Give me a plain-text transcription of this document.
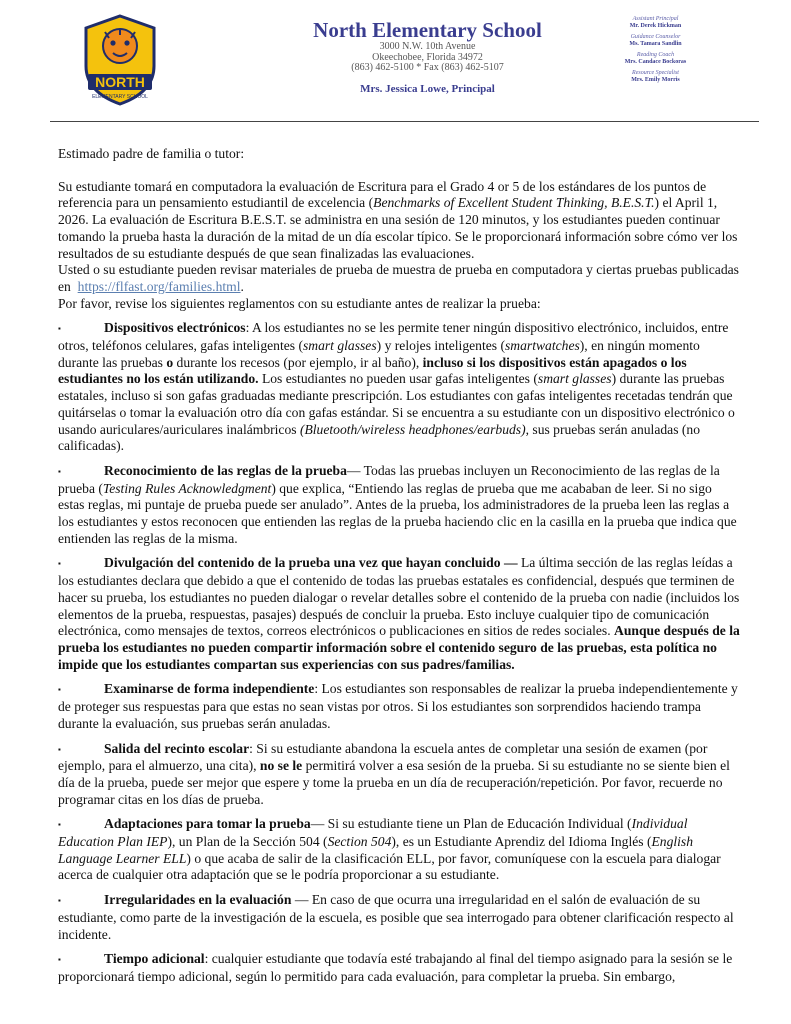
NORTH
ELEMENTARY SCHOOL
North Elementary School
3000 N.W. 10th Avenue
Okeechobee, Florida 34972
(863) 462-5100 * Fax (863) 462-5107
Mrs. Jessica Lowe, Principal
Assistant Principal
Mr. Derek Hickman
Guidance Counselor
Ms. Tamara Sandlin
Reading Coach
Mrs. Candace Bockoras
Resource Specialist
Mrs. Emily Morris

Estimado padre de familia o tutor:

Su estudiante tomará en computadora la evaluación de Escritura para el Grado 4 or 5 de los estándares de los puntos de referencia para un pensamiento estudiantil de excelencia (Benchmarks of Excellent Student Thinking, B.E.S.T.) el April 1, 2026. La evaluación de Escritura B.E.S.T. se administra en una sesión de 120 minutos, y los estudiantes pueden continuar tomando la prueba hasta la duración de la mitad de un día escolar típico. Se le proporcionará información sobre cómo ver los resultados de su estudiante después de que sean finalizadas las evaluaciones.

Usted o su estudiante pueden revisar materiales de prueba de muestra de prueba en computadora y ciertas pruebas publicadas en https://flfast.org/families.html.

Por favor, revise los siguientes reglamentos con su estudiante antes de realizar la prueba:

▪	Dispositivos electrónicos: A los estudiantes no se les permite tener ningún dispositivo electrónico, incluidos, entre otros, teléfonos celulares, gafas inteligentes (smart glasses) y relojes inteligentes (smartwatches), en ningún momento durante las pruebas o durante los recesos (por ejemplo, ir al baño), incluso si los dispositivos están apagados o los estudiantes no los están utilizando. Los estudiantes no pueden usar gafas inteligentes (smart glasses) durante las pruebas estatales, incluso si son gafas graduadas mediante prescripción. Los estudiantes con gafas inteligentes recetadas tendrán que quitárselas o tomar la evaluación otro día con gafas estándar. Si se encuentra a su estudiante con un dispositivo electrónico o usando auriculares/auriculares inalámbricos (Bluetooth/wireless headphones/earbuds), sus pruebas serán anuladas (no calificadas).

▪	Reconocimiento de las reglas de la prueba— Todas las pruebas incluyen un Reconocimiento de las reglas de la prueba (Testing Rules Acknowledgment) que explica, “Entiendo las reglas de prueba que me acababan de leer. Si no sigo estas reglas, mi puntaje de prueba puede ser anulado”. Antes de la prueba, los administradores de la prueba leen las reglas a los estudiantes y estos reconocen que entienden las reglas de la prueba haciendo clic en la casilla en la prueba que indica que entienden las reglas de la misma.

▪	Divulgación del contenido de la prueba una vez que hayan concluido — La última sección de las reglas leídas a los estudiantes declara que debido a que el contenido de todas las pruebas estatales es confidencial, después que terminen de hacer su prueba, los estudiantes no pueden dialogar o revelar detalles sobre el contenido de la prueba con nadie (incluidos los elementos de la prueba, respuestas, pasajes) después de concluir la prueba. Esto incluye cualquier tipo de comunicación electrónica, como mensajes de textos, correos electrónicos o publicaciones en sitios de redes sociales. Aunque después de la prueba los estudiantes no pueden compartir información sobre el contenido seguro de las pruebas, esta política no impide que los estudiantes compartan sus experiencias con sus padres/familias.

▪	Examinarse de forma independiente: Los estudiantes son responsables de realizar la prueba independientemente y de proteger sus respuestas para que estas no sean vistas por otros. Si los estudiantes son sorprendidos haciendo trampa durante la evaluación, sus pruebas serán anuladas.

▪	Salida del recinto escolar: Si su estudiante abandona la escuela antes de completar una sesión de examen (por ejemplo, para el almuerzo, una cita), no se le permitirá volver a esa sesión de la prueba. Si su estudiante no se siente bien el día de la prueba, puede ser mejor que espere y tome la prueba en un día de recuperación/repetición. Por favor, recuerde no programar citas en los días de prueba.

▪	Adaptaciones para tomar la prueba— Si su estudiante tiene un Plan de Educación Individual (Individual Education Plan IEP), un Plan de la Sección 504 (Section 504), es un Estudiante Aprendiz del Idioma Inglés (English Language Learner ELL) o que acaba de salir de la clasificación ELL, por favor, comuníquese con la escuela para dialogar acerca de cualquier otra adaptación que se le podría proporcionar a su estudiante.

▪	Irregularidades en la evaluación — En caso de que ocurra una irregularidad en el salón de evaluación de su estudiante, como parte de la investigación de la escuela, es posible que sea interrogado para obtener clarificación respecto al incidente.

▪	Tiempo adicional: cualquier estudiante que todavía esté trabajando al final del tiempo asignado para la sesión se le proporcionará tiempo adicional, según lo permitido para cada evaluación, para completar la prueba. Sin embargo,
